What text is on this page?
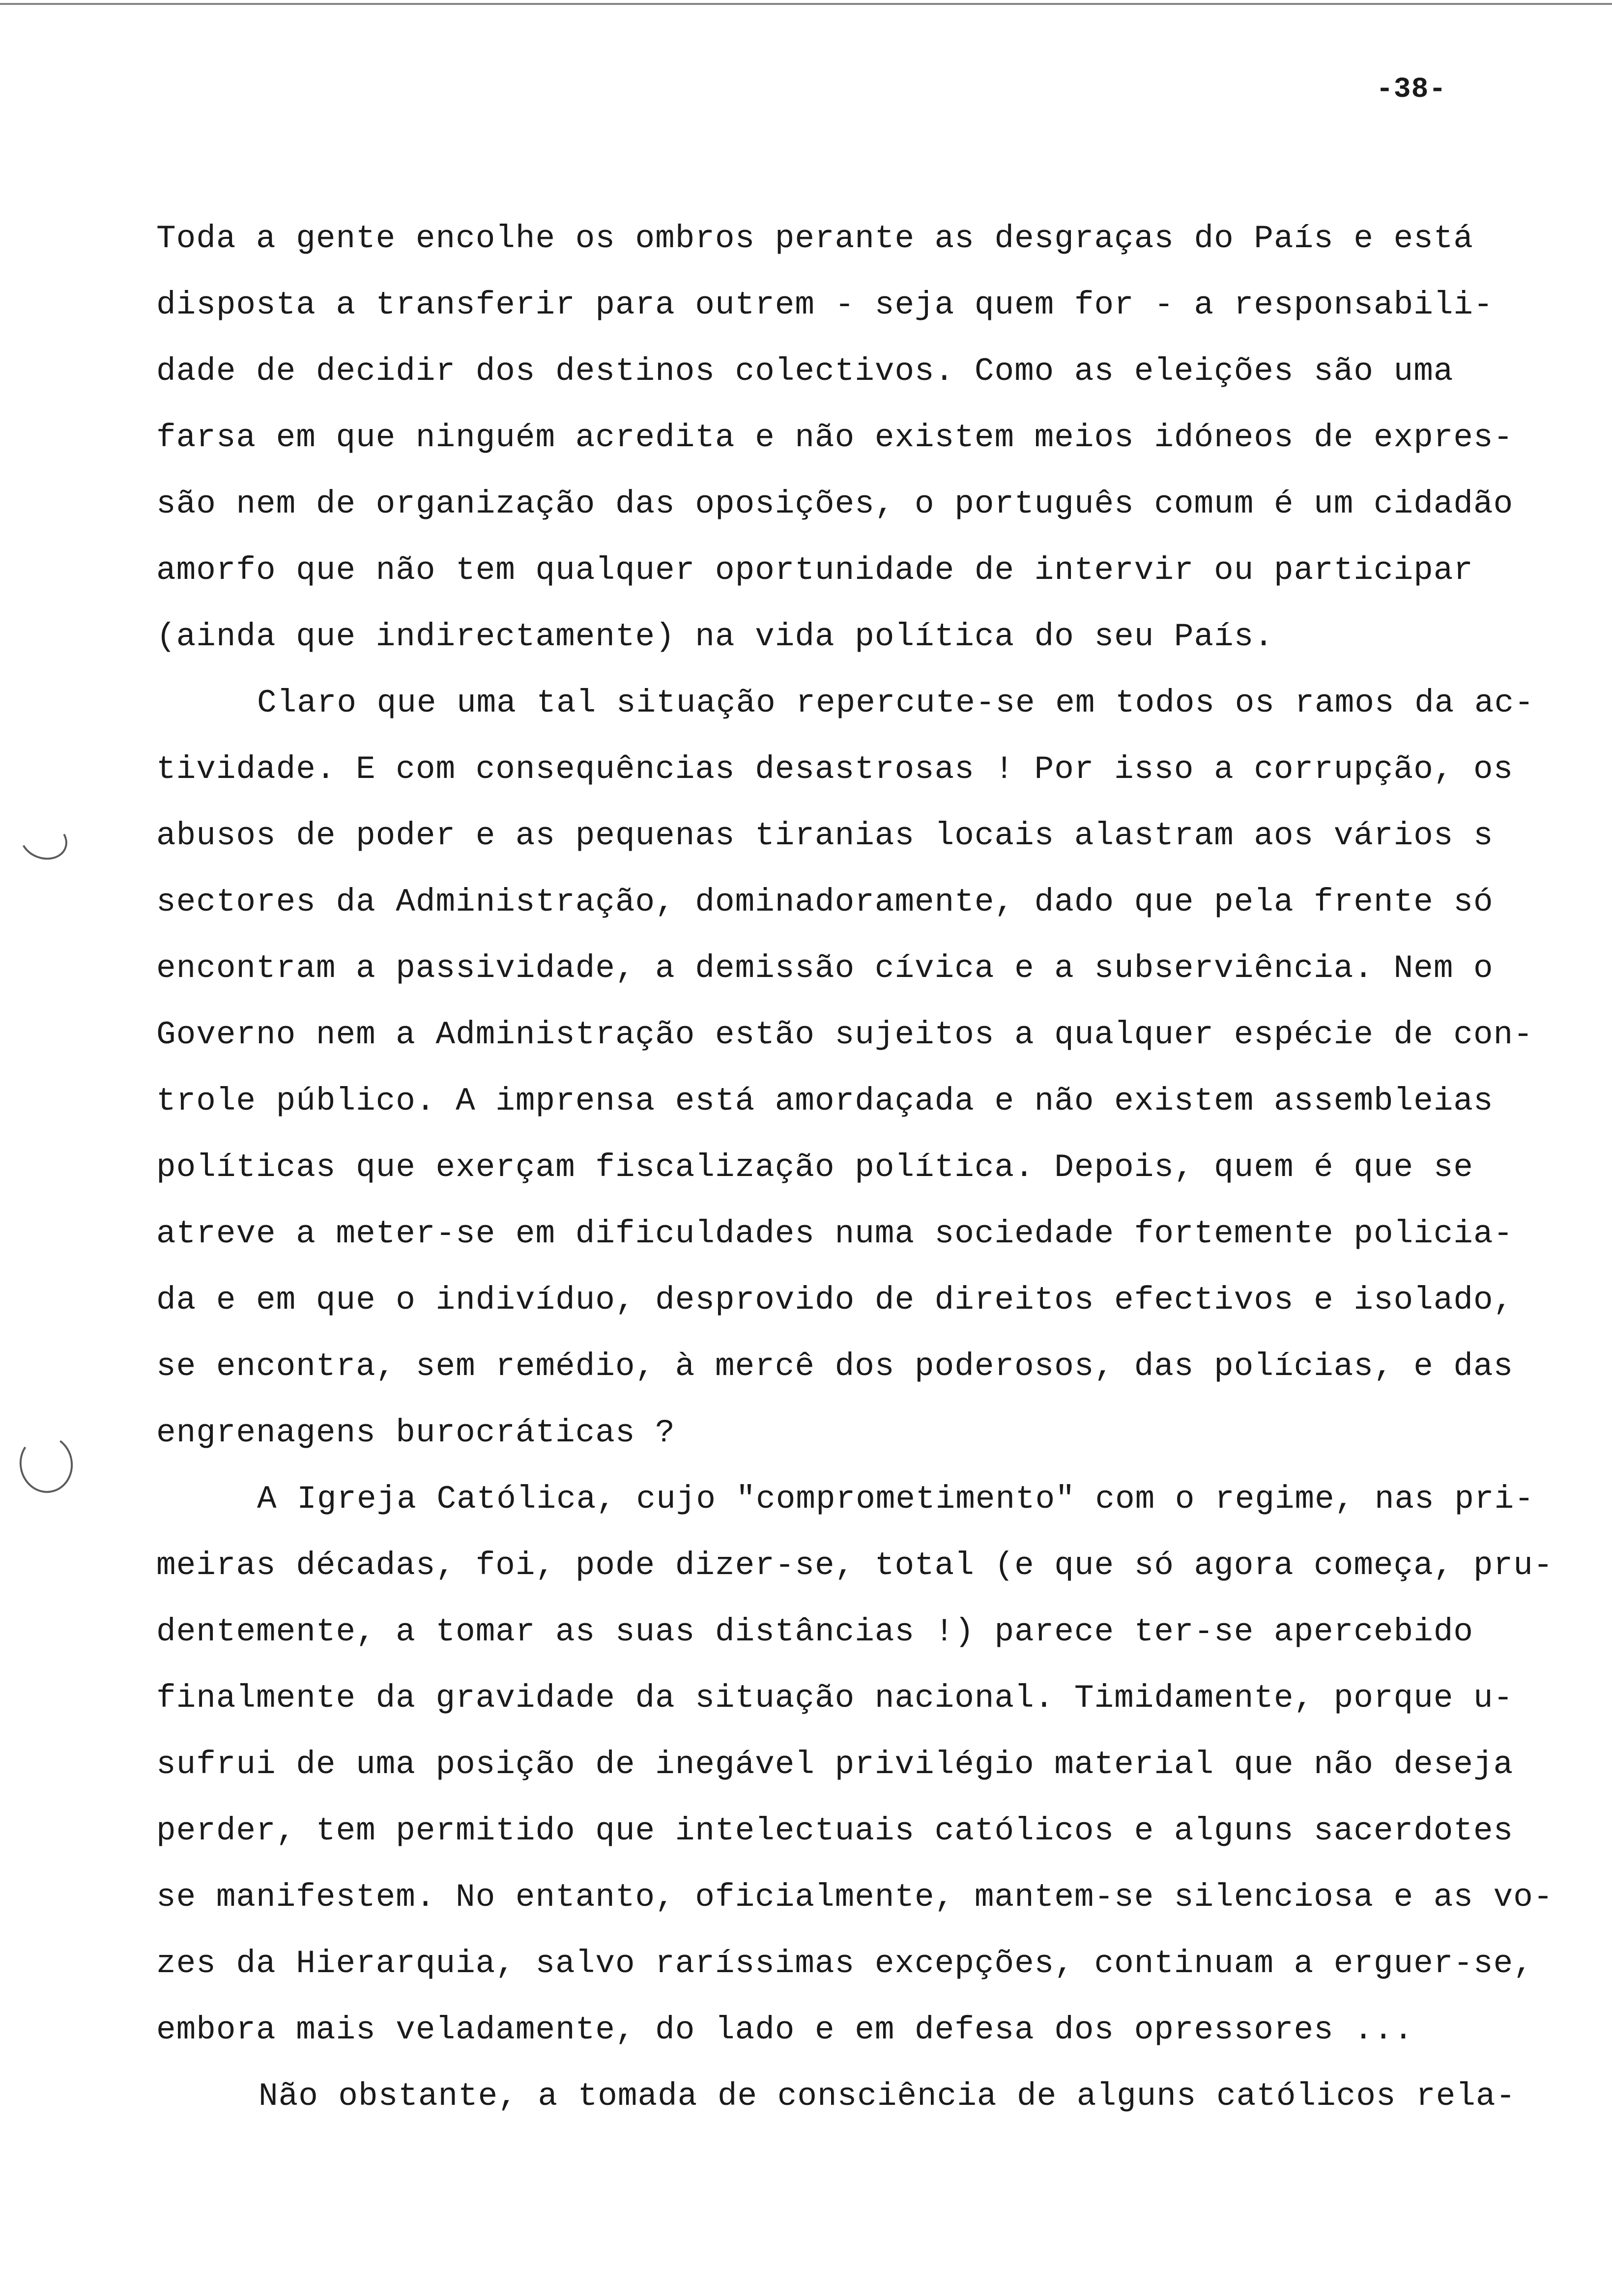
-38-
Toda a gente encolhe os ombros perante as desgraças do País e está
disposta a transferir para outrem - seja quem for - a responsabili-
dade de decidir dos destinos colectivos. Como as eleições são uma
farsa em que ninguém acredita e não existem meios idóneos de expres-
são nem de organização das oposições, o português comum é um cidadão
amorfo que não tem qualquer oportunidade de intervir ou participar
(ainda que indirectamente) na vida política do seu País.
Claro que uma tal situação repercute-se em todos os ramos da ac-
tividade. E com consequências desastrosas ! Por isso a corrupção, os
abusos de poder e as pequenas tiranias locais alastram aos vários s
sectores da Administração, dominadoramente, dado que pela frente só
encontram a passividade, a demissão cívica e a subserviência. Nem o
Governo nem a Administração estão sujeitos a qualquer espécie de con-
trole público. A imprensa está amordaçada e não existem assembleias
políticas que exerçam fiscalização política. Depois, quem é que se
atreve a meter-se em dificuldades numa sociedade fortemente policia-
da e em que o indivíduo, desprovido de direitos efectivos e isolado,
se encontra, sem remédio, à mercê dos poderosos, das polícias, e das
engrenagens burocráticas ?
A Igreja Católica, cujo "comprometimento" com o regime, nas pri-
meiras décadas, foi, pode dizer-se, total (e que só agora começa, pru-
dentemente, a tomar as suas distâncias !) parece ter-se apercebido
finalmente da gravidade da situação nacional. Timidamente, porque u-
sufrui de uma posição de inegável privilégio material que não deseja
perder, tem permitido que intelectuais católicos e alguns sacerdotes
se manifestem. No entanto, oficialmente, mantem-se silenciosa e as vo-
zes da Hierarquia, salvo raríssimas excepções, continuam a erguer-se,
embora mais veladamente, do lado e em defesa dos opressores ...
Não obstante, a tomada de consciência de alguns católicos rela-
